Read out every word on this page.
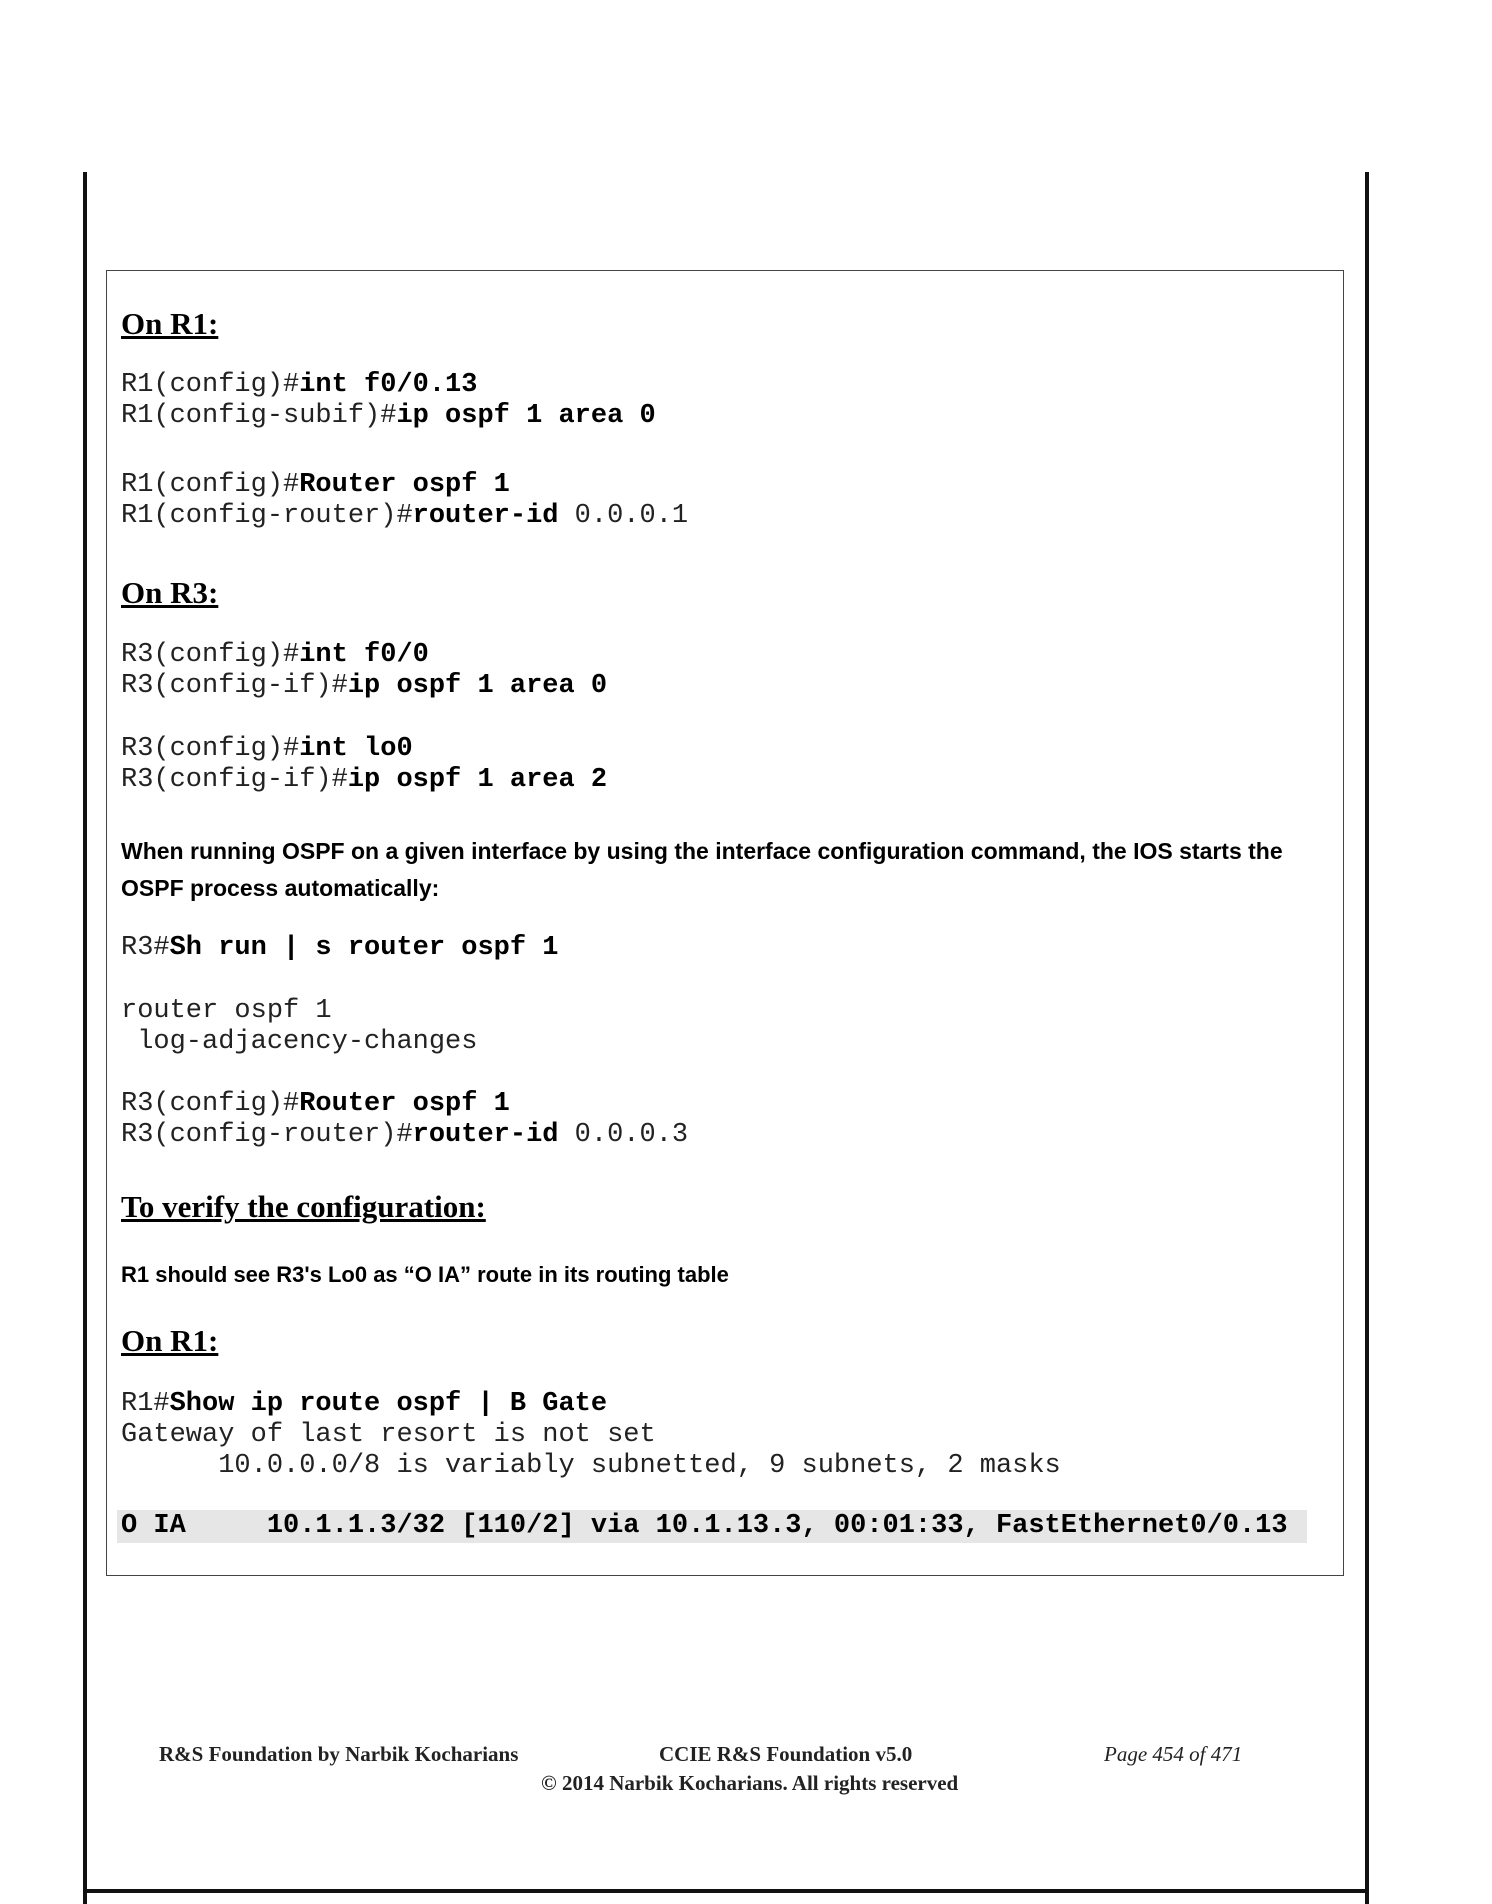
On R1:
R1(config)#int f0/0.13
R1(config-subif)#ip ospf 1 area 0
R1(config)#Router ospf 1
R1(config-router)#router-id 0.0.0.1
On R3:
R3(config)#int f0/0
R3(config-if)#ip ospf 1 area 0
R3(config)#int lo0
R3(config-if)#ip ospf 1 area 2

When running OSPF on a given interface by using the interface configuration command, the IOS starts the OSPF process automatically:

R3#Sh run | s router ospf 1
router ospf 1
log-adjacency-changes
R3(config)#Router ospf 1
R3(config-router)#router-id 0.0.0.3
To verify the configuration:

R1 should see R3's Lo0 as “O IA” route in its routing table

On R1:
R1#Show ip route ospf | B Gate
Gateway of last resort is not set
10.0.0.0/8 is variably subnetted, 9 subnets, 2 masks
O IA     10.1.1.3/32 [110/2] via 10.1.13.3, 00:01:33, FastEthernet0/0.13
R&S Foundation by Narbik Kocharians	CCIE R&S Foundation v5.0	Page 454 of 471
© 2014 Narbik Kocharians. All rights reserved
